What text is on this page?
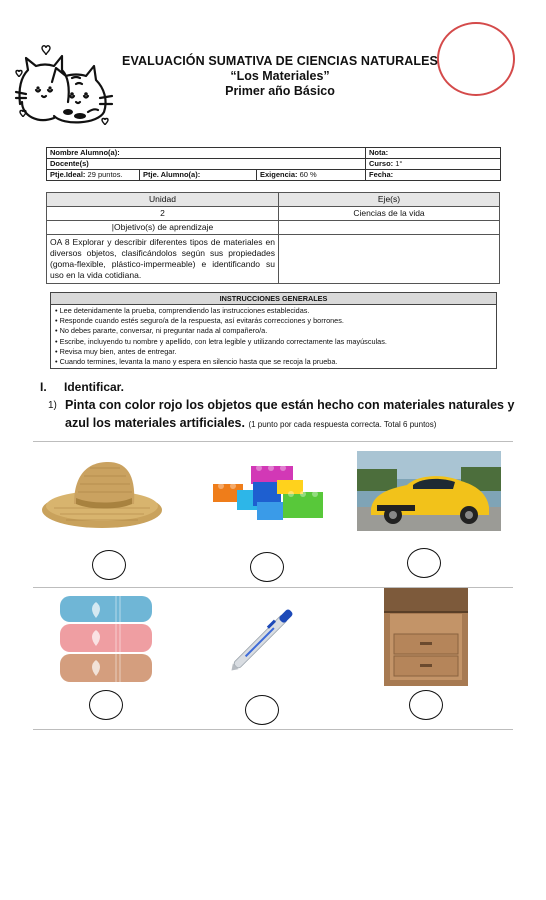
EVALUACIÓN SUMATIVA DE CIENCIAS NATURALES
“Los Materiales”
Primer año Básico
Nombre Alumno(a):			Nota:
Docente(s)			Curso: 1°
Ptje.Ideal: 29 puntos.	Ptje. Alumno(a):	Exigencia: 60 %	Fecha:
Unidad	Eje(s)
2	Ciencias de la vida
|Objetivo(s) de aprendizaje	
OA 8 Explorar y describir diferentes tipos de materiales en diversos objetos, clasificándolos según sus propiedades (goma-flexible, plástico-impermeable) e identificando su uso en la vida cotidiana.	
INSTRUCCIONES GENERALES

• Lee detenidamente la prueba, comprendiendo las instrucciones establecidas.
• Responde cuando estés seguro/a de la respuesta, así evitarás correcciones y borrones.
• No debes pararte, conversar, ni preguntar nada al compañero/a.
• Escribe, incluyendo tu nombre y apellido, con letra legible y utilizando correctamente las mayúsculas.
• Revisa muy bien, antes de entregar.
• Cuando termines, levanta la mano y espera en silencio hasta que se recoja la prueba.
I. Identificar.
1) Pinta con color rojo los objetos que están hecho con materiales naturales y azul los materiales artificiales. (1 punto por cada respuesta correcta. Total 6 puntos)
